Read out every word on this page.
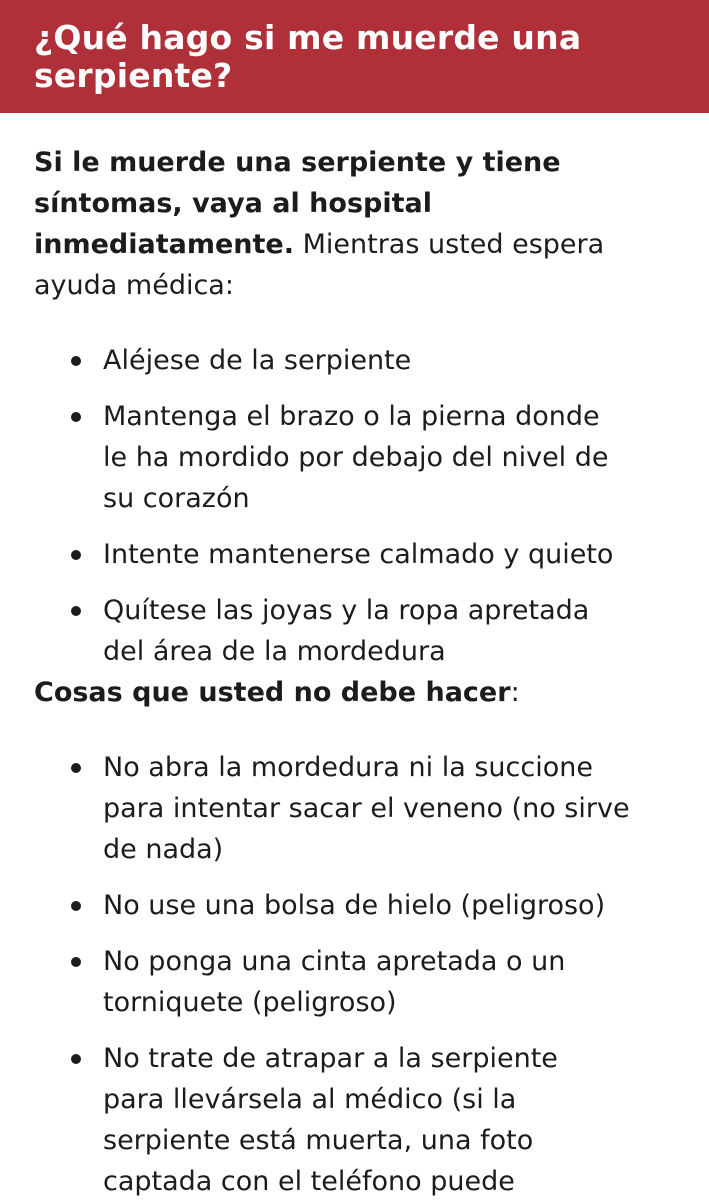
¿Qué hago si me muerde una
serpiente?

Si le muerde una serpiente y tiene
síntomas, vaya al hospital
inmediatamente. Mientras usted espera
ayuda médica:

Aléjese de la serpiente
Mantenga el brazo o la pierna donde
le ha mordido por debajo del nivel de
su corazón
Intente mantenerse calmado y quieto
Quítese las joyas y la ropa apretada
del área de la mordedura

Cosas que usted no debe hacer:

No abra la mordedura ni la succione
para intentar sacar el veneno (no sirve
de nada)
No use una bolsa de hielo (peligroso)
No ponga una cinta apretada o un
torniquete (peligroso)
No trate de atrapar a la serpiente
para llevársela al médico (si la
serpiente está muerta, una foto
captada con el teléfono puede
